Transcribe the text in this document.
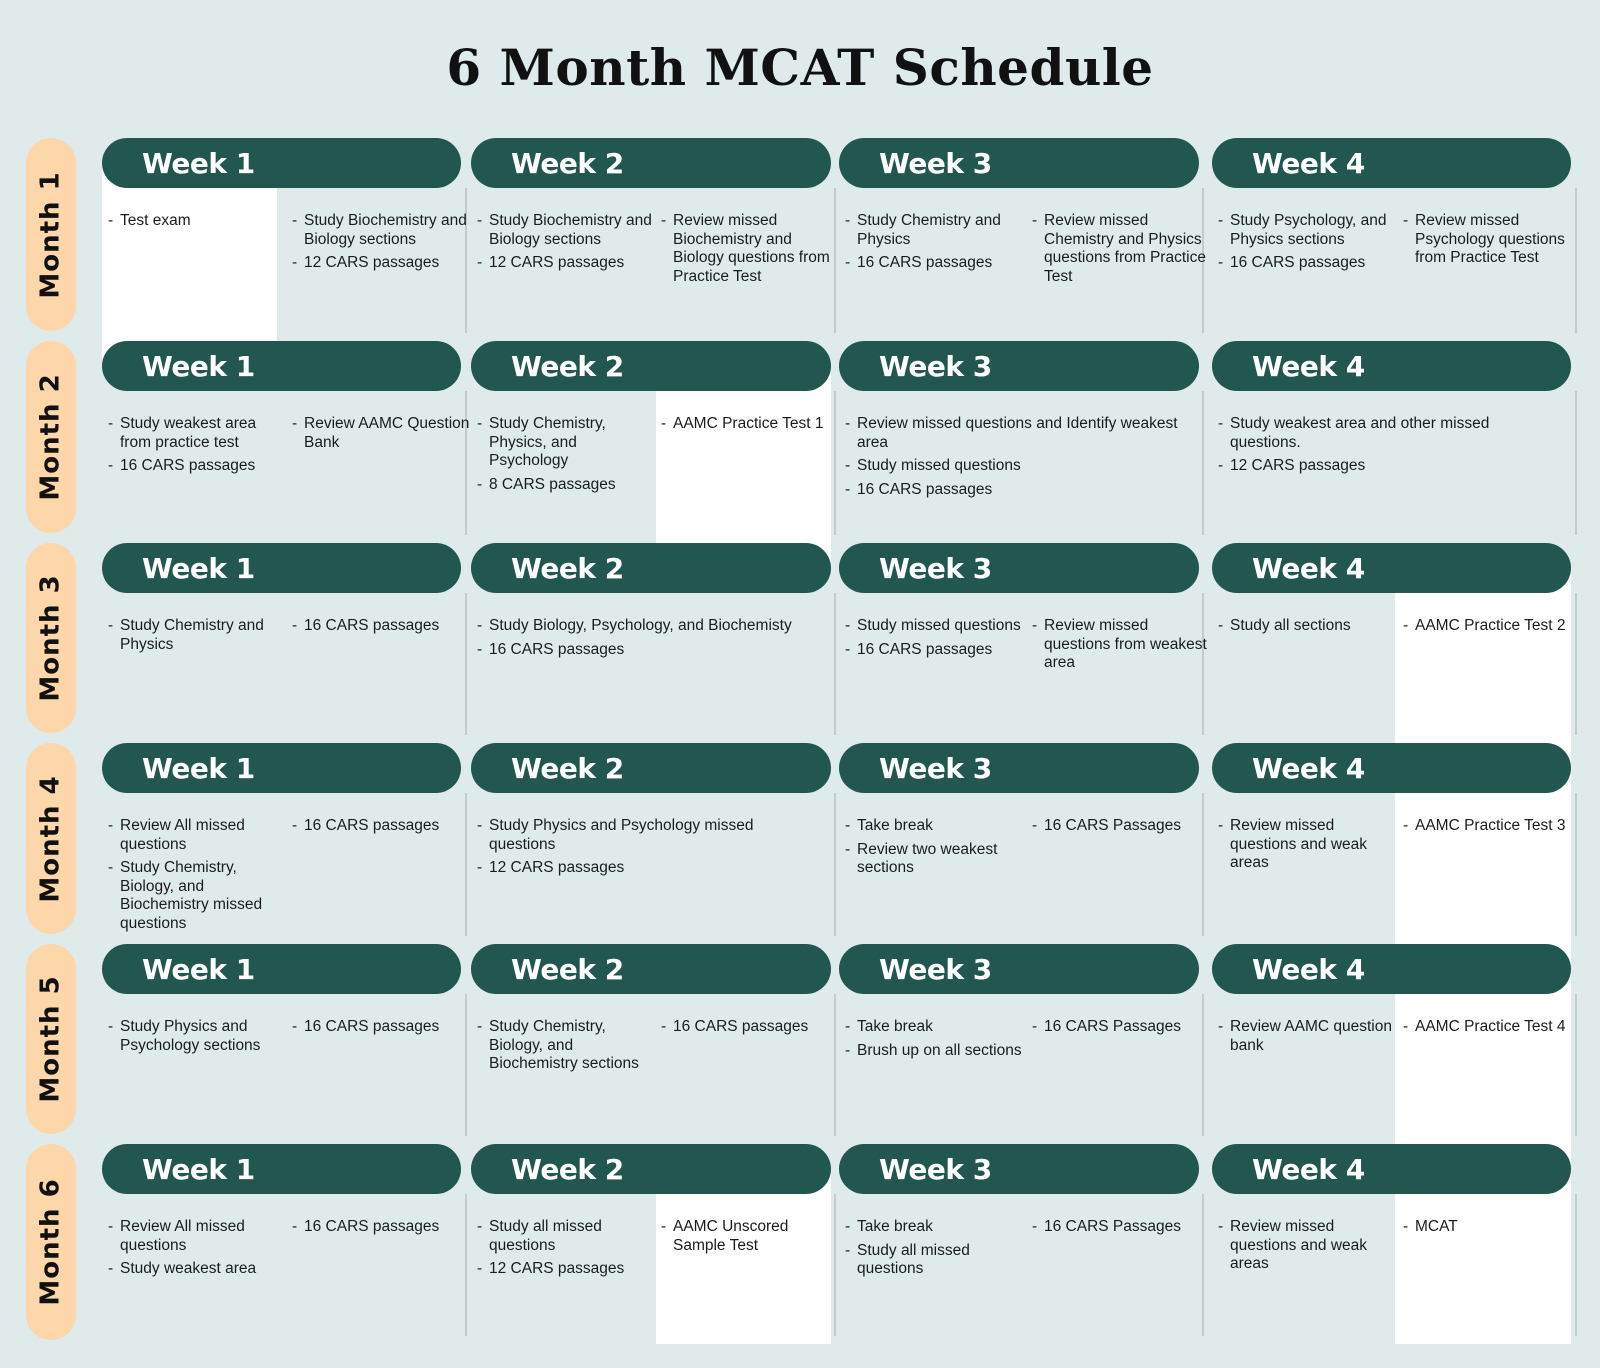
6 Month MCAT Schedule
Month 1
Month 2
Month 3
Month 4
Month 5
Month 6
Week 1
- Test exam	- Study Biochemistry and Biology sections
- 12 CARS passages
Week 2
- Study Biochemistry and Biology sections
- 12 CARS passages
- Review missed Biochemistry and Biology questions from Practice Test
Week 3
- Study Chemistry and Physics
- 16 CARS passages
- Review missed Chemistry and Physics questions from Practice Test
Week 4
- Study Psychology, and Physics sections
- 16 CARS passages
- Review missed Psychology questions from Practice Test
Week 1
- Study weakest area from practice test
- 16 CARS passages
- Review AAMC Question Bank
Week 2
- Study Chemistry, Physics, and Psychology
- 8 CARS passages
- AAMC Practice Test 1
Week 3
- Review missed questions and Identify weakest area
- Study missed questions
- 16 CARS passages
Week 4
- Study weakest area and other missed questions.
- 12 CARS passages
Week 1
- Study Chemistry and Physics
- 16 CARS passages
Week 2
- Study Biology, Psychology, and Biochemisty
- 16 CARS passages
Week 3
- Study missed questions
- 16 CARS passages
- Review missed questions from weakest area
Week 4
- Study all sections	- AAMC Practice Test 2
Week 1
- Review All missed questions
- Study Chemistry, Biology, and Biochemistry missed questions
- 16 CARS passages
Week 2
- Study Physics and Psychology missed questions
- 12 CARS passages
Week 3
- Take break
- Review two weakest sections
- 16 CARS Passages
Week 4
- Review missed questions and weak areas
- AAMC Practice Test 3
Week 1
- Study Physics and Psychology sections
- 16 CARS passages
Week 2
- Study Chemistry, Biology, and Biochemistry sections
- 16 CARS passages
Week 3
- Take break
- Brush up on all sections
- 16 CARS Passages
Week 4
- Review AAMC question bank
- AAMC Practice Test 4
Week 1
- Review All missed questions
- Study weakest area
- 16 CARS passages
Week 2
- Study all missed questions
- 12 CARS passages
- AAMC Unscored Sample Test
Week 3
- Take break
- Study all missed questions
- 16 CARS Passages
Week 4
- Review missed questions and weak areas
- MCAT
